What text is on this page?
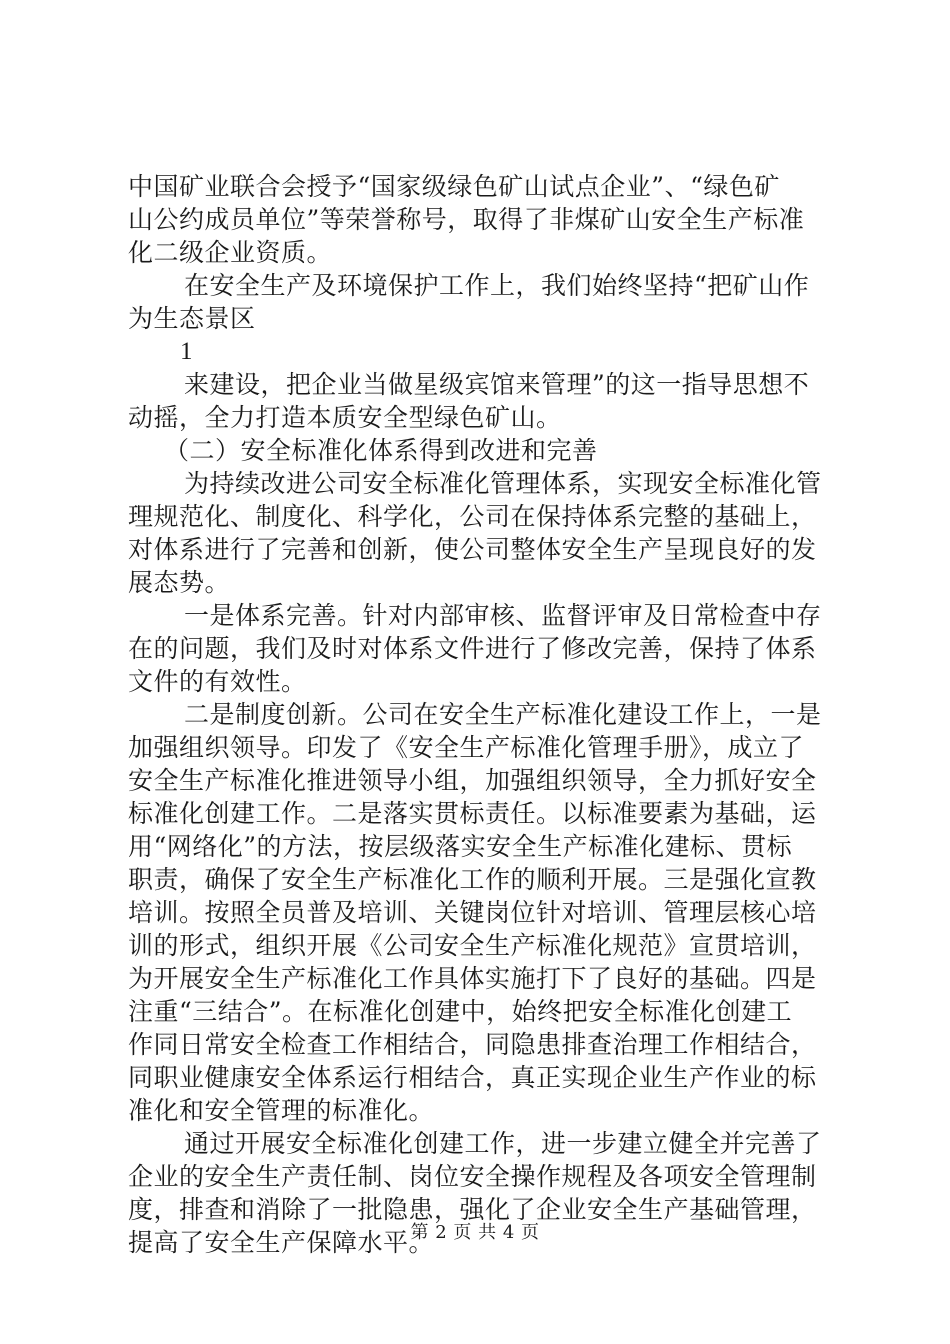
中国矿业联合会授予“国家级绿色矿山试点企业”、“绿色矿
山公约成员单位”等荣誉称号，取得了非煤矿山安全生产标准
化二级企业资质。
在安全生产及环境保护工作上，我们始终坚持“把矿山作
为生态景区
1
来建设，把企业当做星级宾馆来管理”的这一指导思想不
动摇，全力打造本质安全型绿色矿山。
（二）安全标准化体系得到改进和完善
为持续改进公司安全标准化管理体系，实现安全标准化管
理规范化、制度化、科学化，公司在保持体系完整的基础上，
对体系进行了完善和创新，使公司整体安全生产呈现良好的发
展态势。
一是体系完善。针对内部审核、监督评审及日常检查中存
在的问题，我们及时对体系文件进行了修改完善，保持了体系
文件的有效性。
二是制度创新。公司在安全生产标准化建设工作上，一是
加强组织领导。印发了《安全生产标准化管理手册》，成立了
安全生产标准化推进领导小组，加强组织领导，全力抓好安全
标准化创建工作。二是落实贯标责任。以标准要素为基础，运
用“网络化”的方法，按层级落实安全生产标准化建标、贯标
职责，确保了安全生产标准化工作的顺利开展。三是强化宣教
培训。按照全员普及培训、关键岗位针对培训、管理层核心培
训的形式，组织开展《公司安全生产标准化规范》宣贯培训，
为开展安全生产标准化工作具体实施打下了良好的基础。四是
注重“三结合”。在标准化创建中，始终把安全标准化创建工
作同日常安全检查工作相结合，同隐患排查治理工作相结合，
同职业健康安全体系运行相结合，真正实现企业生产作业的标
准化和安全管理的标准化。
通过开展安全标准化创建工作，进一步建立健全并完善了
企业的安全生产责任制、岗位安全操作规程及各项安全管理制
度，排查和消除了一批隐患，强化了企业安全生产基础管理，
提高了安全生产保障水平。
第 2 页 共 4 页
